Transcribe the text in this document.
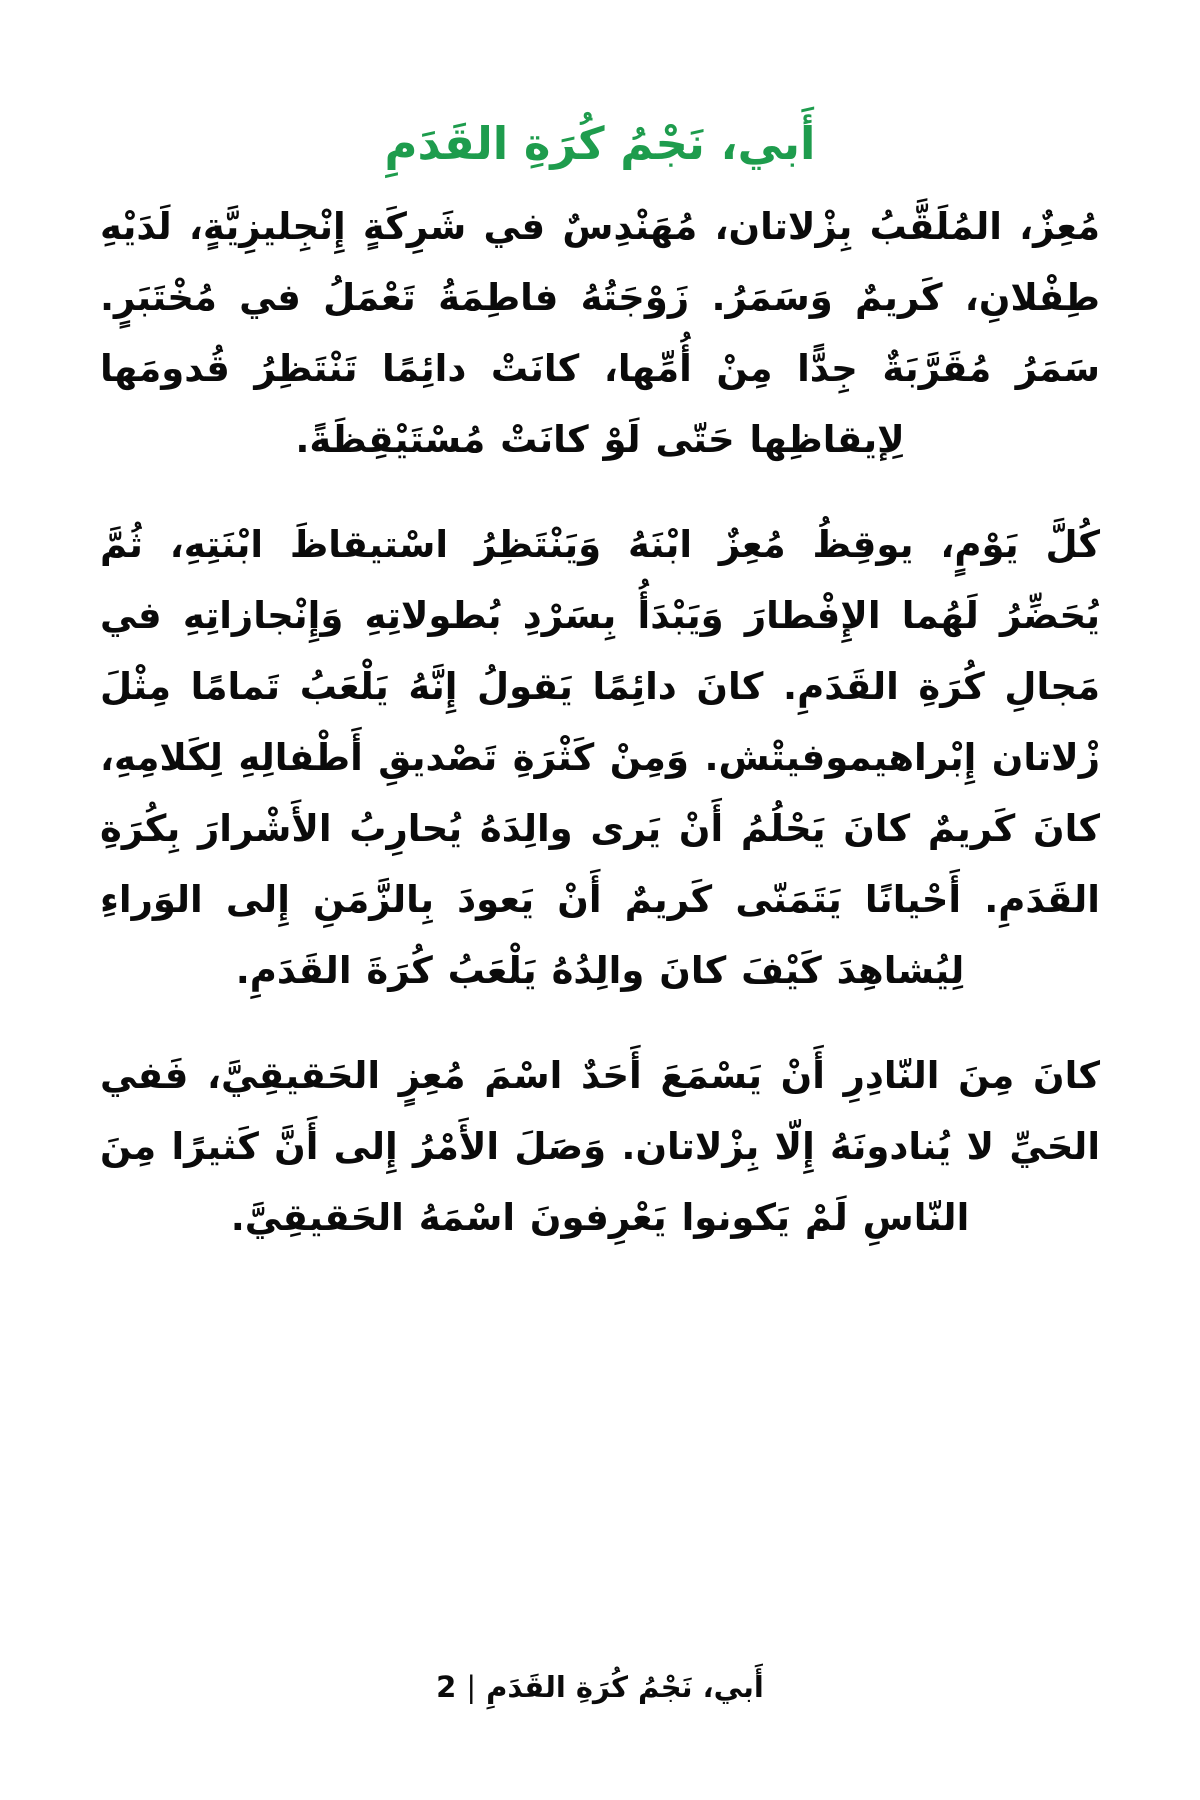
أَبي، نَجْمُ كُرَةِ القَدَمِ

مُعِزٌ، المُلَقَّبُ بِزْلاتان، مُهَنْدِسٌ في شَرِكَةٍ إِنْجِليزِيَّةٍ، لَدَيْهِ طِفْلانِ، كَريمٌ وَسَمَرُ. زَوْجَتُهُ فاطِمَةُ تَعْمَلُ في مُخْتَبَرٍ. سَمَرُ مُقَرَّبَةٌ جِدًّا مِنْ أُمِّها، كانَتْ دائِمًا تَنْتَظِرُ قُدومَها لِإيقاظِها حَتّى لَوْ كانَتْ مُسْتَيْقِظَةً.

كُلَّ يَوْمٍ، يوقِظُ مُعِزٌ ابْنَهُ وَيَنْتَظِرُ اسْتيقاظَ ابْنَتِهِ، ثُمَّ يُحَضِّرُ لَهُما الإِفْطارَ وَيَبْدَأُ بِسَرْدِ بُطولاتِهِ وَإِنْجازاتِهِ في مَجالِ كُرَةِ القَدَمِ. كانَ دائِمًا يَقولُ إِنَّهُ يَلْعَبُ تَمامًا مِثْلَ زْلاتان إِبْراهيموفيتْش. وَمِنْ كَثْرَةِ تَصْديقِ أَطْفالِهِ لِكَلامِهِ، كانَ كَريمٌ كانَ يَحْلُمُ أَنْ يَرى والِدَهُ يُحارِبُ الأَشْرارَ بِكُرَةِ القَدَمِ. أَحْيانًا يَتَمَنّى كَريمٌ أَنْ يَعودَ بِالزَّمَنِ إِلى الوَراءِ لِيُشاهِدَ كَيْفَ كانَ والِدُهُ يَلْعَبُ كُرَةَ القَدَمِ.

كانَ مِنَ النّادِرِ أَنْ يَسْمَعَ أَحَدٌ اسْمَ مُعِزٍ الحَقيقِيَّ، فَفي الحَيِّ لا يُنادونَهُ إِلّا بِزْلاتان. وَصَلَ الأَمْرُ إِلى أَنَّ كَثيرًا مِنَ النّاسِ لَمْ يَكونوا يَعْرِفونَ اسْمَهُ الحَقيقِيَّ.

أَبي، نَجْمُ كُرَةِ القَدَمِ|2
